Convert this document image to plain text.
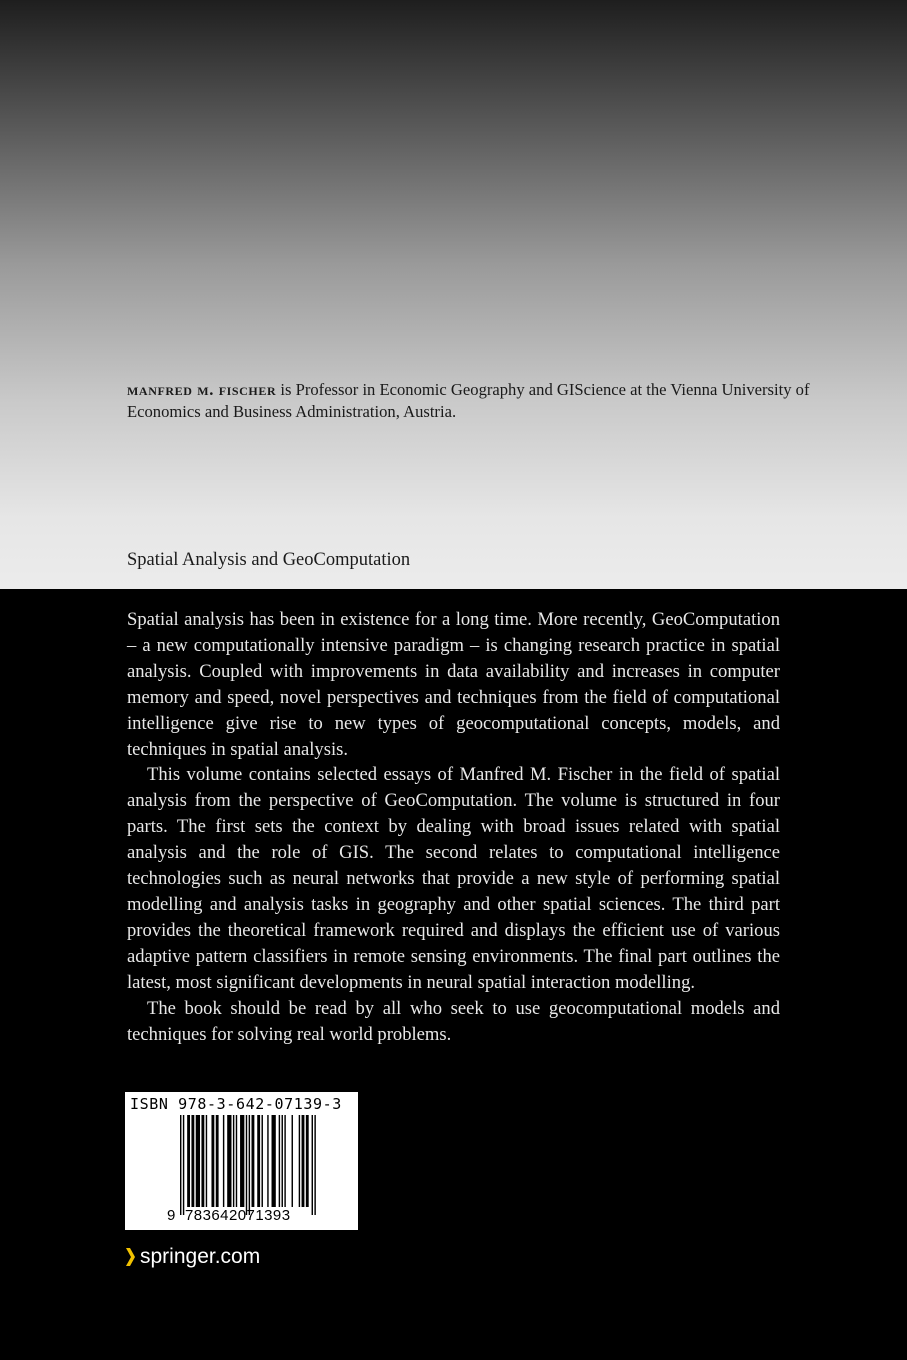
manfred m. fischer is Professor in Economic Geography and GIScience at the Vienna University of Economics and Business Administration, Austria.

Spatial Analysis and GeoComputation

Spatial analysis has been in existence for a long time. More recently, GeoComputation – a new computationally intensive paradigm – is changing research practice in spatial analysis. Coupled with improvements in data availability and increases in computer memory and speed, novel perspectives and techniques from the field of computational intelligence give rise to new types of geocomputational concepts, models, and techniques in spatial analysis.

This volume contains selected essays of Manfred M. Fischer in the field of spatial analysis from the perspective of GeoComputation. The volume is structured in four parts. The first sets the context by dealing with broad issues related with spatial analysis and the role of GIS. The second relates to computational intelligence technologies such as neural networks that provide a new style of performing spatial modelling and analysis tasks in geography and other spatial sciences. The third part provides the theoretical framework required and displays the efficient use of various adaptive pattern classifiers in remote sensing environments. The final part outlines the latest, most significant developments in neural spatial interaction modelling.

The book should be read by all who seek to use geocomputational models and techniques for solving real world problems.

ISBN 978-3-642-07139-3
9 783642071393
springer.com
